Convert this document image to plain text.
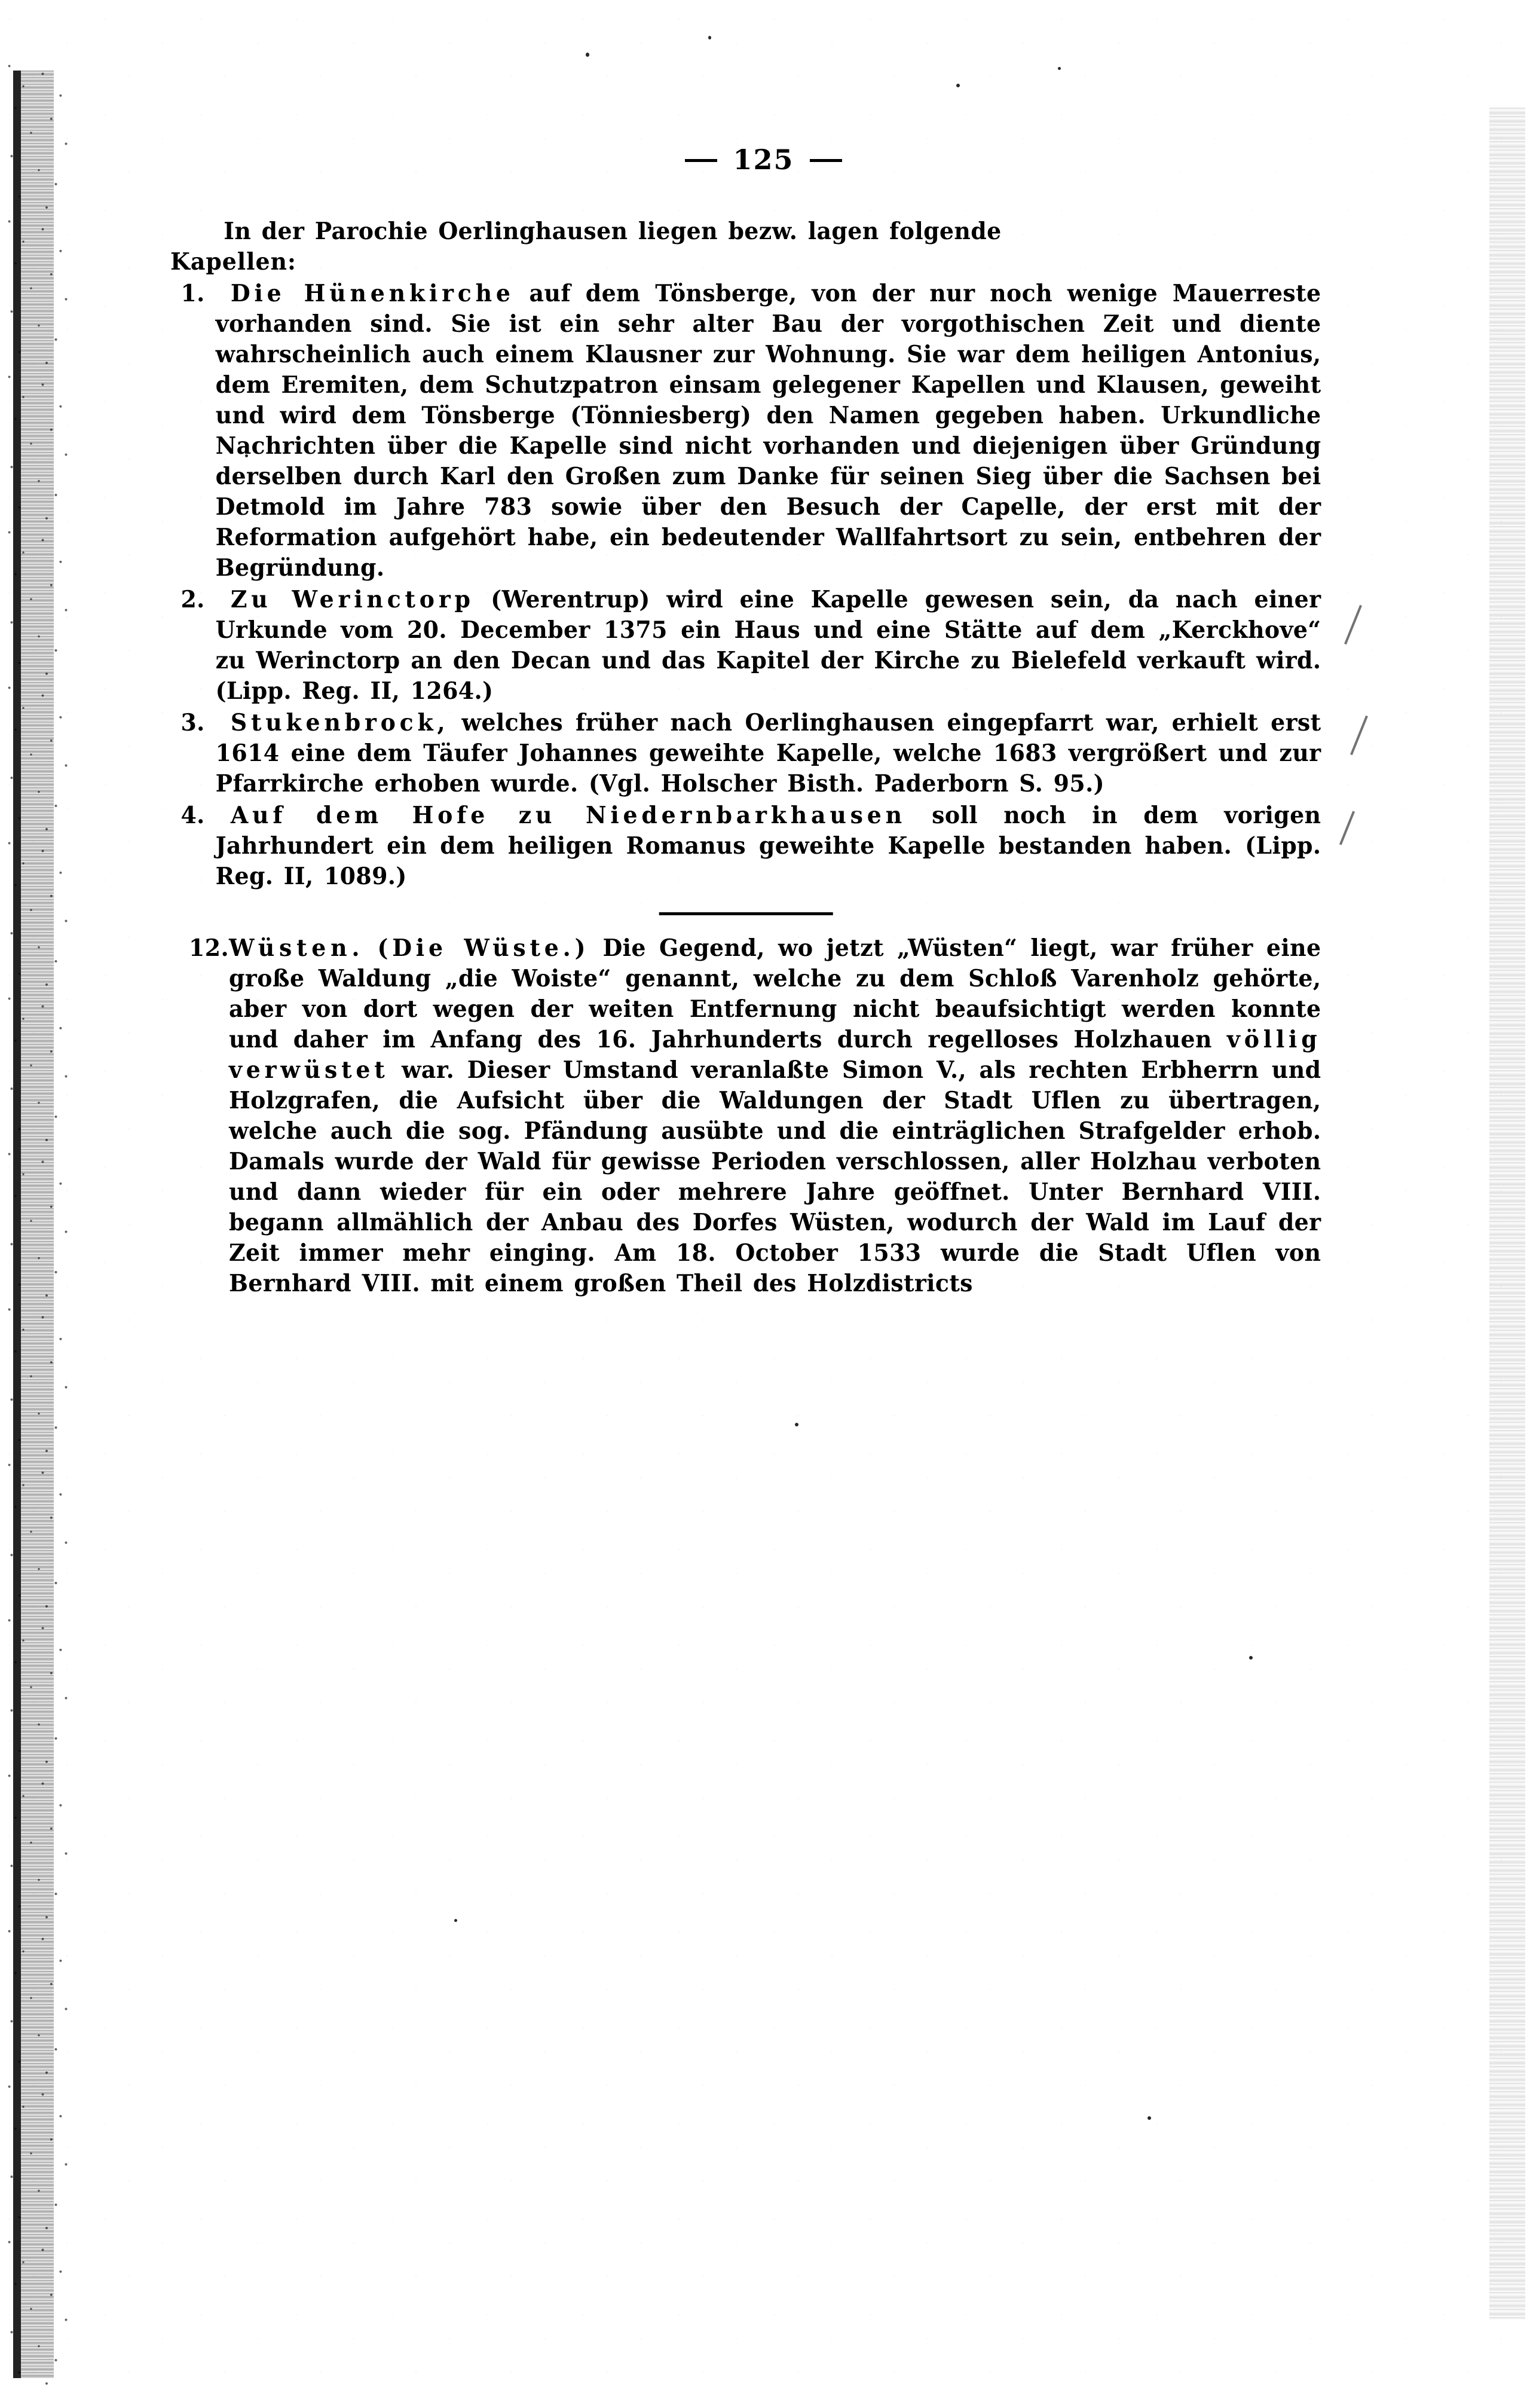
125

In der Parochie Oerlinghausen liegen bezw. lagen folgende

Kapellen:

1.	Die Hünenkirche auf dem Tönsberge, von der nur noch wenige Mauerreste vorhanden sind. Sie ist ein sehr alter Bau der vorgothischen Zeit und diente wahrscheinlich auch einem Klausner zur Wohnung. Sie war dem heiligen Antonius, dem Eremiten, dem Schutzpatron einsam gelegener Kapellen und Klausen, geweiht und wird dem Tönsberge (Tönniesberg) den Namen gegeben haben. Urkundliche Nachrichten über die Kapelle sind nicht vorhanden und diejenigen über Gründung derselben durch Karl den Großen zum Danke für seinen Sieg über die Sachsen bei Detmold im Jahre 783 sowie über den Besuch der Capelle, der erst mit der Reformation aufgehört habe, ein bedeutender Wallfahrtsort zu sein, entbehren der Begründung.
2.	Zu Werinctorp (Werentrup) wird eine Kapelle gewesen sein, da nach einer Urkunde vom 20. December 1375 ein Haus und eine Stätte auf dem „Kerckhove“ zu Werinctorp an den Decan und das Kapitel der Kirche zu Bielefeld verkauft wird. (Lipp. Reg. II, 1264.)
3.	Stukenbrock, welches früher nach Oerlinghausen eingepfarrt war, erhielt erst 1614 eine dem Täufer Johannes geweihte Kapelle, welche 1683 vergrößert und zur Pfarrkirche erhoben wurde. (Vgl. Holscher Bisth. Paderborn S. 95.)
4.	Auf dem Hofe zu Niedernbarkhausen soll noch in dem vorigen Jahrhundert ein dem heiligen Romanus geweihte Kapelle bestanden haben. (Lipp. Reg. II, 1089.)
12. Wüsten. (Die Wüste.) Die Gegend, wo jetzt „Wüsten“ liegt, war früher eine große Waldung „die Woiste“ genannt, welche zu dem Schloß Varenholz gehörte, aber von dort wegen der weiten Entfernung nicht beaufsichtigt werden konnte und daher im Anfang des 16. Jahrhunderts durch regelloses Holzhauen völlig verwüstet war. Dieser Umstand veranlaßte Simon V., als rechten Erbherrn und Holzgrafen, die Aufsicht über die Waldungen der Stadt Uflen zu übertragen, welche auch die sog. Pfändung ausübte und die einträglichen Strafgelder erhob. Damals wurde der Wald für gewisse Perioden verschlossen, aller Holzhau verboten und dann wieder für ein oder mehrere Jahre geöffnet. Unter Bernhard VIII. begann allmählich der Anbau des Dorfes Wüsten, wodurch der Wald im Lauf der Zeit immer mehr einging. Am 18. October 1533 wurde die Stadt Uflen von Bernhard VIII. mit einem großen Theil des Holzdistricts
